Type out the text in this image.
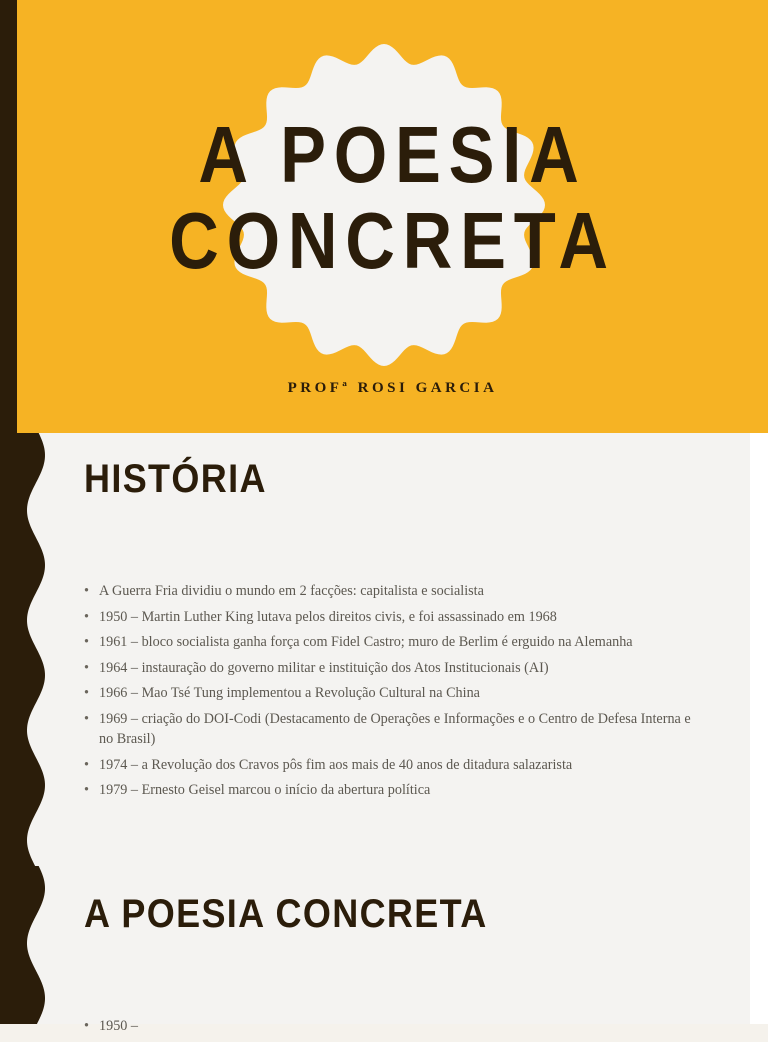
A POESIA
CONCRETA
PROFª ROSI GARCIA
HISTÓRIA
• A Guerra Fria dividiu o mundo em 2 facções: capitalista e socialista
• 1950 – Martin Luther King lutava pelos direitos civis, e foi assassinado em 1968
• 1961 – bloco socialista ganha força com Fidel Castro; muro de Berlim é erguido na Alemanha
• 1964 – instauração do governo militar e instituição dos Atos Institucionais (AI)
• 1966 – Mao Tsé Tung implementou a Revolução Cultural na China
• 1969 – criação do DOI-Codi (Destacamento de Operações e Informações e o Centro de Defesa Interna e no Brasil)
• 1974 – a Revolução dos Cravos pôs fim aos mais de 40 anos de ditadura salazarista
• 1979 – Ernesto Geisel marcou o início da abertura política
A POESIA CONCRETA
• 1950 –
